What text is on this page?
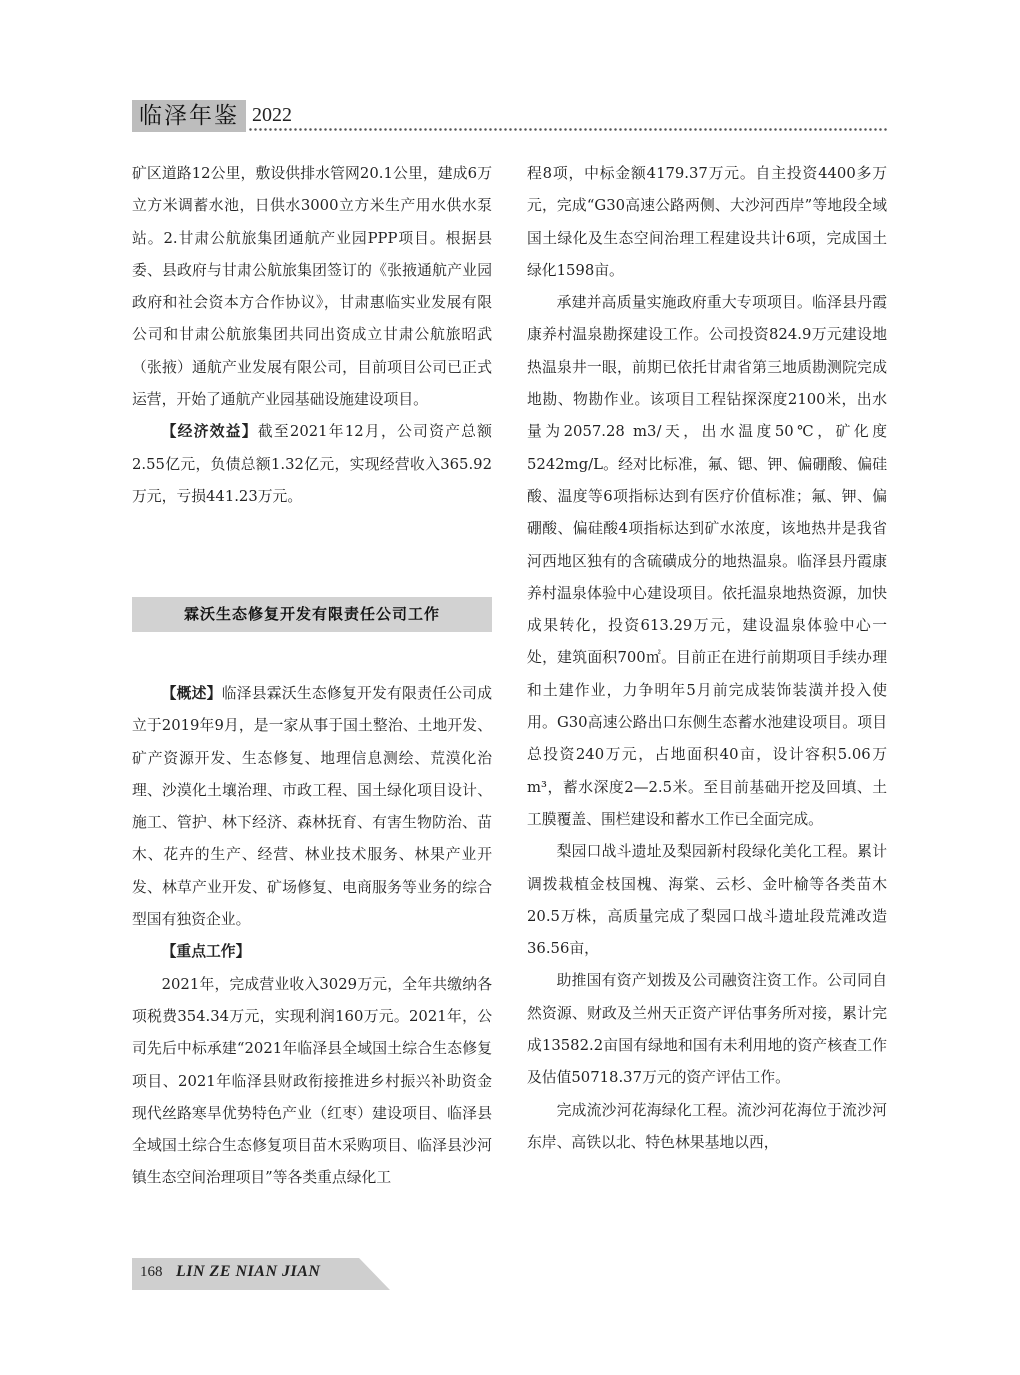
临泽年鉴 2022

矿区道路12公里，敷设供排水管网20.1公里，建成6万立方米调蓄水池，日供水3000立方米生产用水供水泵站。2.甘肃公航旅集团通航产业园PPP项目。根据县委、县政府与甘肃公航旅集团签订的《张掖通航产业园政府和社会资本方合作协议》，甘肃惠临实业发展有限公司和甘肃公航旅集团共同出资成立甘肃公航旅昭武（张掖）通航产业发展有限公司，目前项目公司已正式运营，开始了通航产业园基础设施建设项目。

【经济效益】截至2021年12月，公司资产总额2.55亿元，负债总额1.32亿元，实现经营收入365.92万元，亏损441.23万元。

霖沃生态修复开发有限责任公司工作

【概述】临泽县霖沃生态修复开发有限责任公司成立于2019年9月，是一家从事于国土整治、土地开发、矿产资源开发、生态修复、地理信息测绘、荒漠化治理、沙漠化土壤治理、市政工程、国土绿化项目设计、施工、管护、林下经济、森林抚育、有害生物防治、苗木、花卉的生产、经营、林业技术服务、林果产业开发、林草产业开发、矿场修复、电商服务等业务的综合型国有独资企业。

【重点工作】

2021年，完成营业收入3029万元，全年共缴纳各项税费354.34万元，实现利润160万元。2021年，公司先后中标承建“2021年临泽县全域国土综合生态修复项目、2021年临泽县财政衔接推进乡村振兴补助资金现代丝路寒旱优势特色产业（红枣）建设项目、临泽县全域国土综合生态修复项目苗木采购项目、临泽县沙河镇生态空间治理项目”等各类重点绿化工

程8项，中标金额4179.37万元。自主投资4400多万元，完成“G30高速公路两侧、大沙河西岸”等地段全域国土绿化及生态空间治理工程建设共计6项，完成国土绿化1598亩。

承建并高质量实施政府重大专项项目。临泽县丹霞康养村温泉勘探建设工作。公司投资824.9万元建设地热温泉井一眼，前期已依托甘肃省第三地质勘测院完成地勘、物勘作业。该项目工程钻探深度2100米，出水量为2057.28 m3/天，出水温度50℃，矿化度5242mg/L。经对比标准，氟、锶、钾、偏硼酸、偏硅酸、温度等6项指标达到有医疗价值标准；氟、钾、偏硼酸、偏硅酸4项指标达到矿水浓度，该地热井是我省河西地区独有的含硫磺成分的地热温泉。临泽县丹霞康养村温泉体验中心建设项目。依托温泉地热资源，加快成果转化，投资613.29万元，建设温泉体验中心一处，建筑面积700㎡。目前正在进行前期项目手续办理和土建作业，力争明年5月前完成装饰装潢并投入使用。G30高速公路出口东侧生态蓄水池建设项目。项目总投资240万元，占地面积40亩，设计容积5.06万m³，蓄水深度2—2.5米。至目前基础开挖及回填、土工膜覆盖、围栏建设和蓄水工作已全面完成。

梨园口战斗遗址及梨园新村段绿化美化工程。累计调拨栽植金枝国槐、海棠、云杉、金叶榆等各类苗木20.5万株，高质量完成了梨园口战斗遗址段荒滩改造36.56亩，

助推国有资产划拨及公司融资注资工作。公司同自然资源、财政及兰州天正资产评估事务所对接，累计完成13582.2亩国有绿地和国有未利用地的资产核查工作及估值50718.37万元的资产评估工作。

完成流沙河花海绿化工程。流沙河花海位于流沙河东岸、高铁以北、特色林果基地以西，

168 LIN ZE NIAN JIAN
